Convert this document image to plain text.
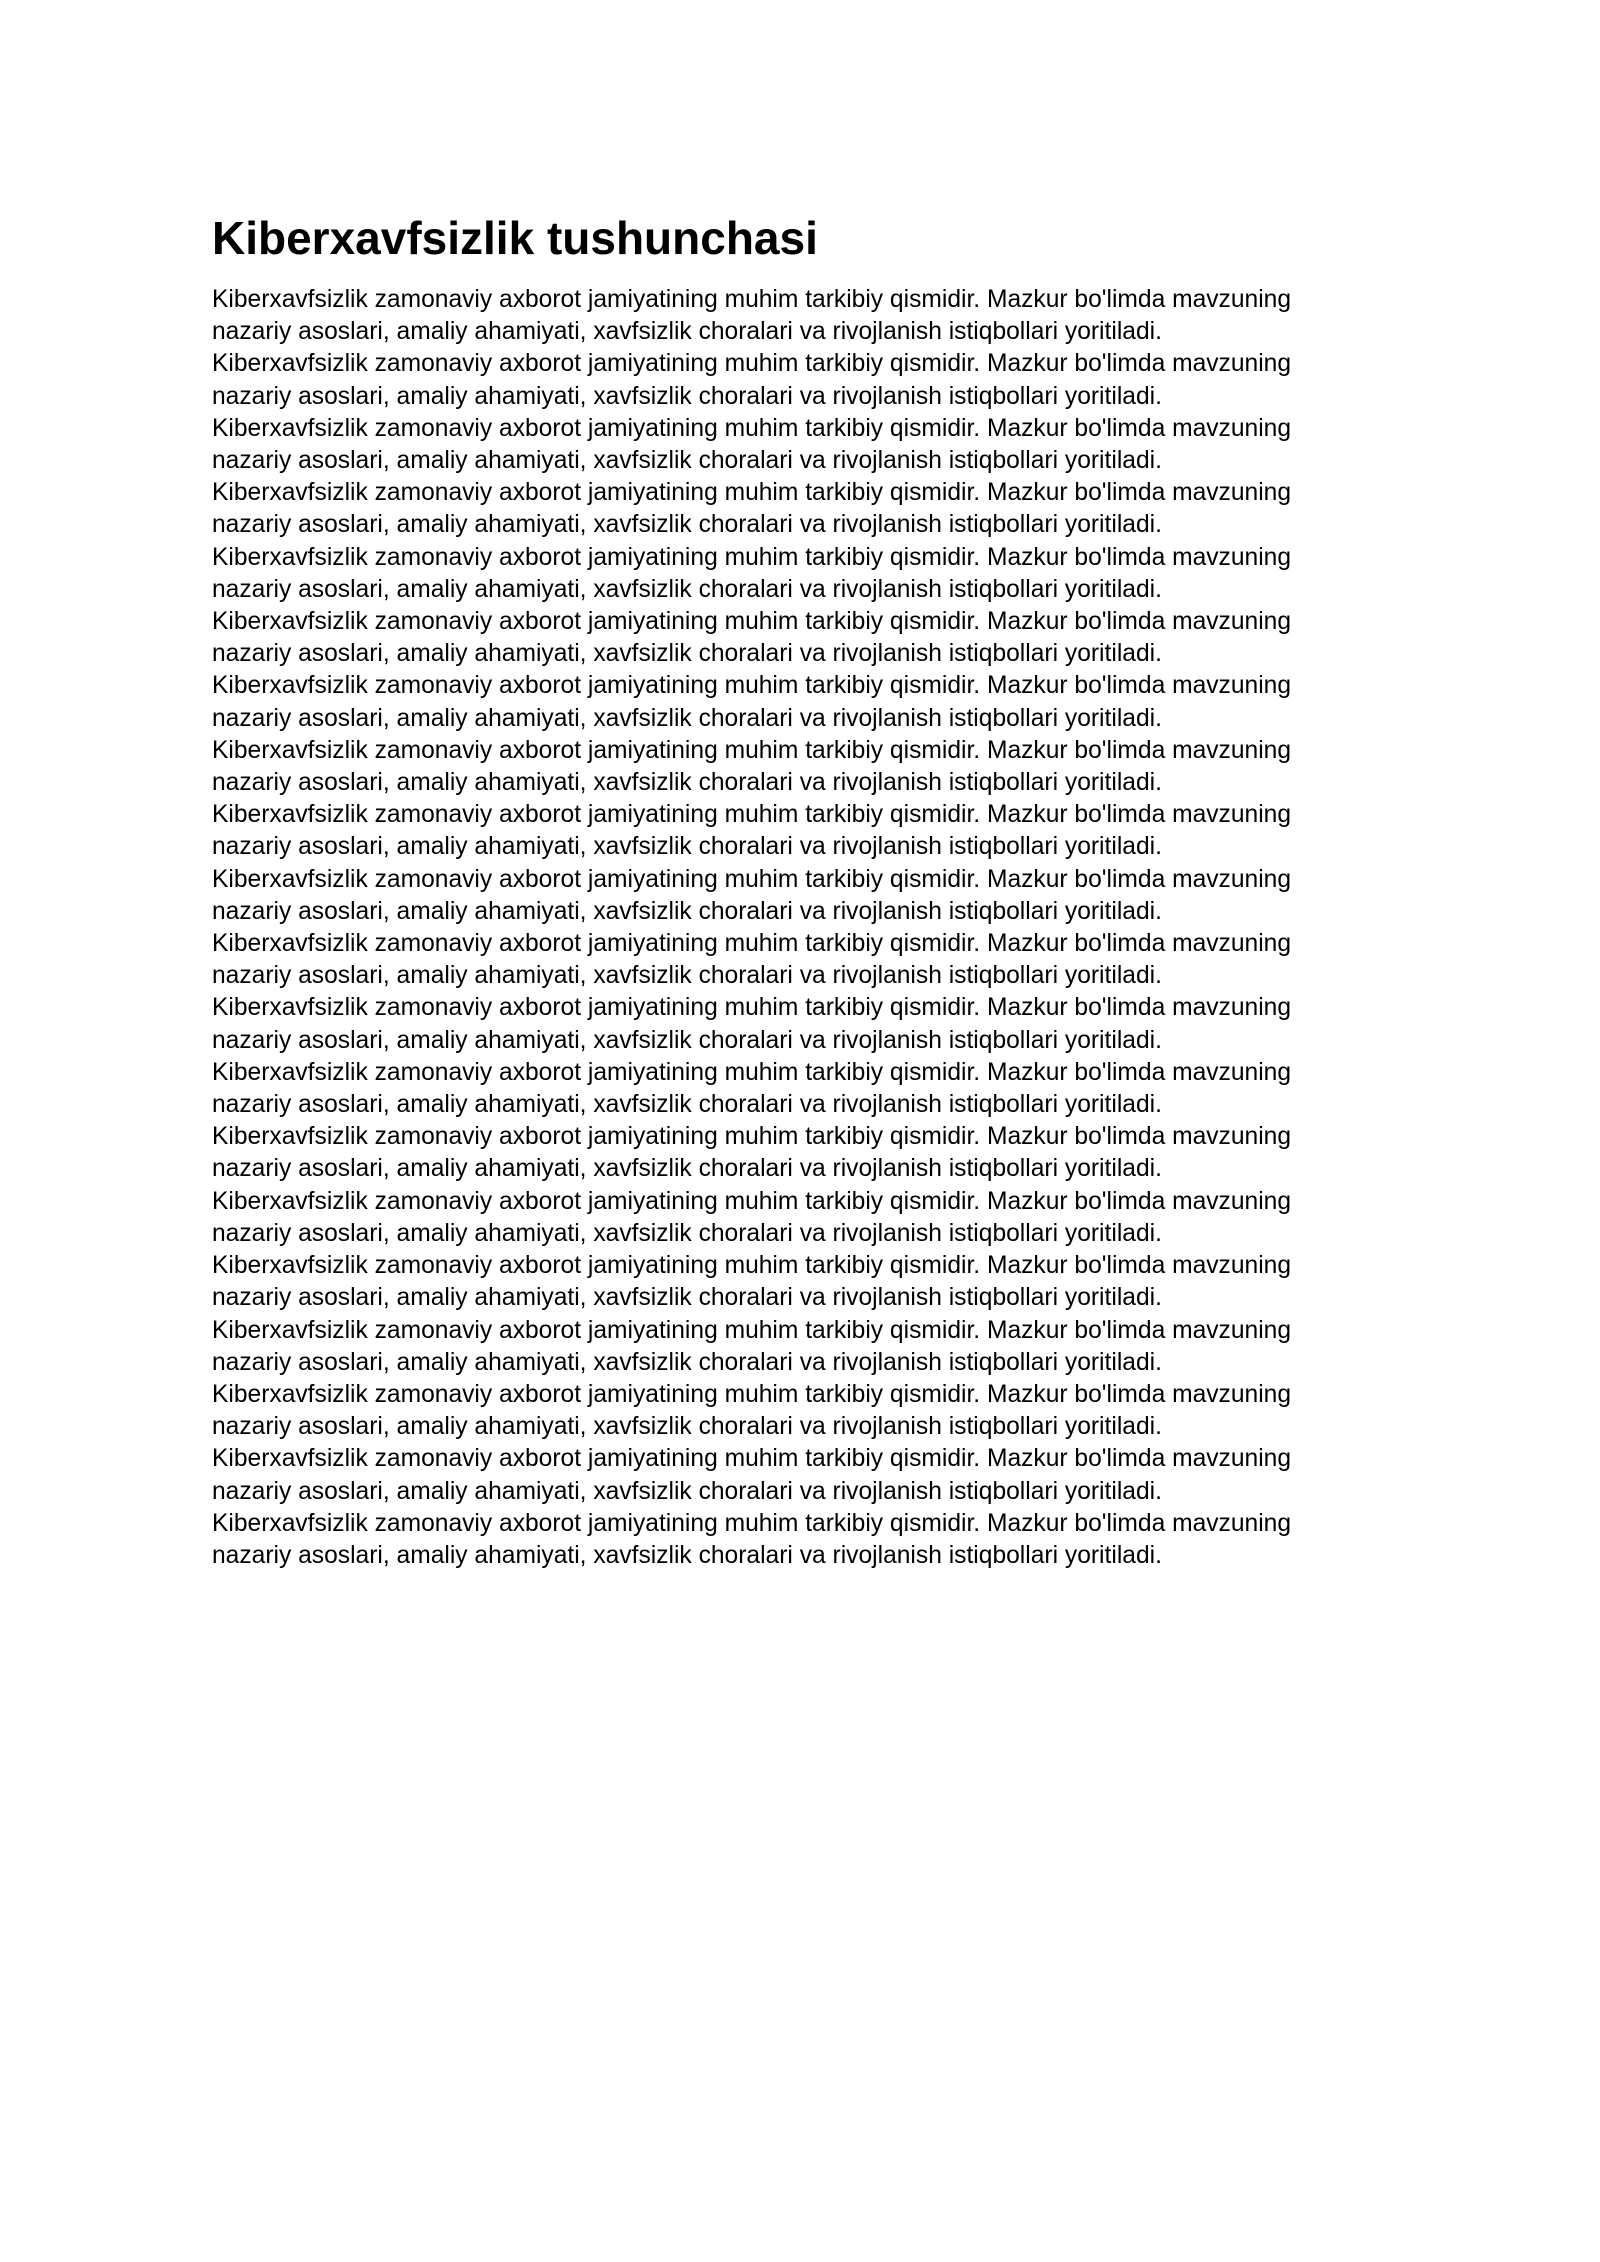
Kiberxavfsizlik tushunchasi

Kiberxavfsizlik zamonaviy axborot jamiyatining muhim tarkibiy qismidir. Mazkur bo'limda mavzuning
nazariy asoslari, amaliy ahamiyati, xavfsizlik choralari va rivojlanish istiqbollari yoritiladi.

Kiberxavfsizlik zamonaviy axborot jamiyatining muhim tarkibiy qismidir. Mazkur bo'limda mavzuning
nazariy asoslari, amaliy ahamiyati, xavfsizlik choralari va rivojlanish istiqbollari yoritiladi.

Kiberxavfsizlik zamonaviy axborot jamiyatining muhim tarkibiy qismidir. Mazkur bo'limda mavzuning
nazariy asoslari, amaliy ahamiyati, xavfsizlik choralari va rivojlanish istiqbollari yoritiladi.

Kiberxavfsizlik zamonaviy axborot jamiyatining muhim tarkibiy qismidir. Mazkur bo'limda mavzuning
nazariy asoslari, amaliy ahamiyati, xavfsizlik choralari va rivojlanish istiqbollari yoritiladi.

Kiberxavfsizlik zamonaviy axborot jamiyatining muhim tarkibiy qismidir. Mazkur bo'limda mavzuning
nazariy asoslari, amaliy ahamiyati, xavfsizlik choralari va rivojlanish istiqbollari yoritiladi.

Kiberxavfsizlik zamonaviy axborot jamiyatining muhim tarkibiy qismidir. Mazkur bo'limda mavzuning
nazariy asoslari, amaliy ahamiyati, xavfsizlik choralari va rivojlanish istiqbollari yoritiladi.

Kiberxavfsizlik zamonaviy axborot jamiyatining muhim tarkibiy qismidir. Mazkur bo'limda mavzuning
nazariy asoslari, amaliy ahamiyati, xavfsizlik choralari va rivojlanish istiqbollari yoritiladi.

Kiberxavfsizlik zamonaviy axborot jamiyatining muhim tarkibiy qismidir. Mazkur bo'limda mavzuning
nazariy asoslari, amaliy ahamiyati, xavfsizlik choralari va rivojlanish istiqbollari yoritiladi.

Kiberxavfsizlik zamonaviy axborot jamiyatining muhim tarkibiy qismidir. Mazkur bo'limda mavzuning
nazariy asoslari, amaliy ahamiyati, xavfsizlik choralari va rivojlanish istiqbollari yoritiladi.

Kiberxavfsizlik zamonaviy axborot jamiyatining muhim tarkibiy qismidir. Mazkur bo'limda mavzuning
nazariy asoslari, amaliy ahamiyati, xavfsizlik choralari va rivojlanish istiqbollari yoritiladi.

Kiberxavfsizlik zamonaviy axborot jamiyatining muhim tarkibiy qismidir. Mazkur bo'limda mavzuning
nazariy asoslari, amaliy ahamiyati, xavfsizlik choralari va rivojlanish istiqbollari yoritiladi.

Kiberxavfsizlik zamonaviy axborot jamiyatining muhim tarkibiy qismidir. Mazkur bo'limda mavzuning
nazariy asoslari, amaliy ahamiyati, xavfsizlik choralari va rivojlanish istiqbollari yoritiladi.

Kiberxavfsizlik zamonaviy axborot jamiyatining muhim tarkibiy qismidir. Mazkur bo'limda mavzuning
nazariy asoslari, amaliy ahamiyati, xavfsizlik choralari va rivojlanish istiqbollari yoritiladi.

Kiberxavfsizlik zamonaviy axborot jamiyatining muhim tarkibiy qismidir. Mazkur bo'limda mavzuning
nazariy asoslari, amaliy ahamiyati, xavfsizlik choralari va rivojlanish istiqbollari yoritiladi.

Kiberxavfsizlik zamonaviy axborot jamiyatining muhim tarkibiy qismidir. Mazkur bo'limda mavzuning
nazariy asoslari, amaliy ahamiyati, xavfsizlik choralari va rivojlanish istiqbollari yoritiladi.

Kiberxavfsizlik zamonaviy axborot jamiyatining muhim tarkibiy qismidir. Mazkur bo'limda mavzuning
nazariy asoslari, amaliy ahamiyati, xavfsizlik choralari va rivojlanish istiqbollari yoritiladi.

Kiberxavfsizlik zamonaviy axborot jamiyatining muhim tarkibiy qismidir. Mazkur bo'limda mavzuning
nazariy asoslari, amaliy ahamiyati, xavfsizlik choralari va rivojlanish istiqbollari yoritiladi.

Kiberxavfsizlik zamonaviy axborot jamiyatining muhim tarkibiy qismidir. Mazkur bo'limda mavzuning
nazariy asoslari, amaliy ahamiyati, xavfsizlik choralari va rivojlanish istiqbollari yoritiladi.

Kiberxavfsizlik zamonaviy axborot jamiyatining muhim tarkibiy qismidir. Mazkur bo'limda mavzuning
nazariy asoslari, amaliy ahamiyati, xavfsizlik choralari va rivojlanish istiqbollari yoritiladi.

Kiberxavfsizlik zamonaviy axborot jamiyatining muhim tarkibiy qismidir. Mazkur bo'limda mavzuning
nazariy asoslari, amaliy ahamiyati, xavfsizlik choralari va rivojlanish istiqbollari yoritiladi.
